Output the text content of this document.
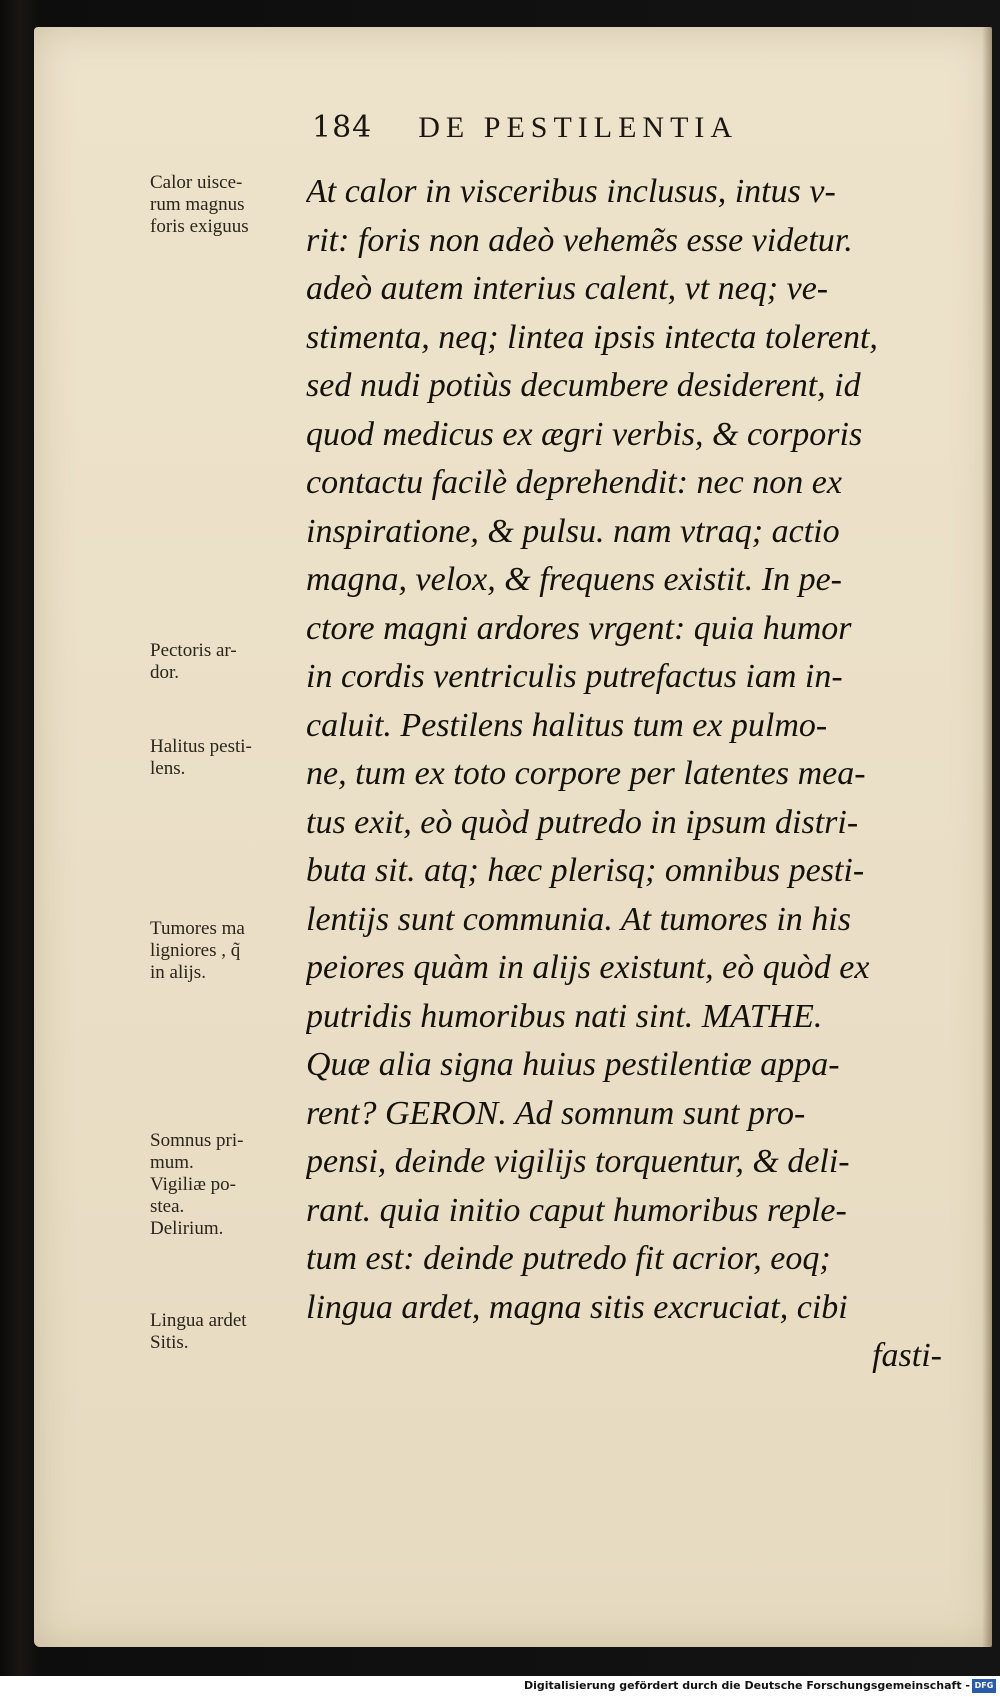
184 DE PESTILENTIA
Calor uisce-
rum magnus
foris exiguus
Pectoris ar-
dor.
Halitus pesti-
lens.
Tumores ma
ligniores , q̃
in alijs.
Somnus pri-
mum.
Vigiliæ po-
stea.
Delirium.
Lingua ardet
Sitis.
At calor in visceribus inclusus, intus v-
rit: foris non adeò vehemẽs esse videtur.
adeò autem interius calent, vt neq; ve-
stimenta, neq; lintea ipsis intecta tolerent,
sed nudi potiùs decumbere desiderent, id
quod medicus ex ægri verbis, & corporis
contactu facilè deprehendit: nec non ex
inspiratione, & pulsu. nam vtraq; actio
magna, velox, & frequens existit. In pe-
ctore magni ardores vrgent: quia humor
in cordis ventriculis putrefactus iam in-
caluit. Pestilens halitus tum ex pulmo-
ne, tum ex toto corpore per latentes mea-
tus exit, eò quòd putredo in ipsum distri-
buta sit. atq; hæc plerisq; omnibus pesti-
lentijs sunt communia. At tumores in his
peiores quàm in alijs existunt, eò quòd ex
putridis humoribus nati sint. MATHE.
Quæ alia signa huius pestilentiæ appa-
rent? GERON. Ad somnum sunt pro-
pensi, deinde vigilijs torquentur, & deli-
rant. quia initio caput humoribus reple-
tum est: deinde putredo fit acrior, eoq;
lingua ardet, magna sitis excruciat, cibi
fasti-
Digitalisierung gefördert durch die Deutsche Forschungsgemeinschaft - DFG
